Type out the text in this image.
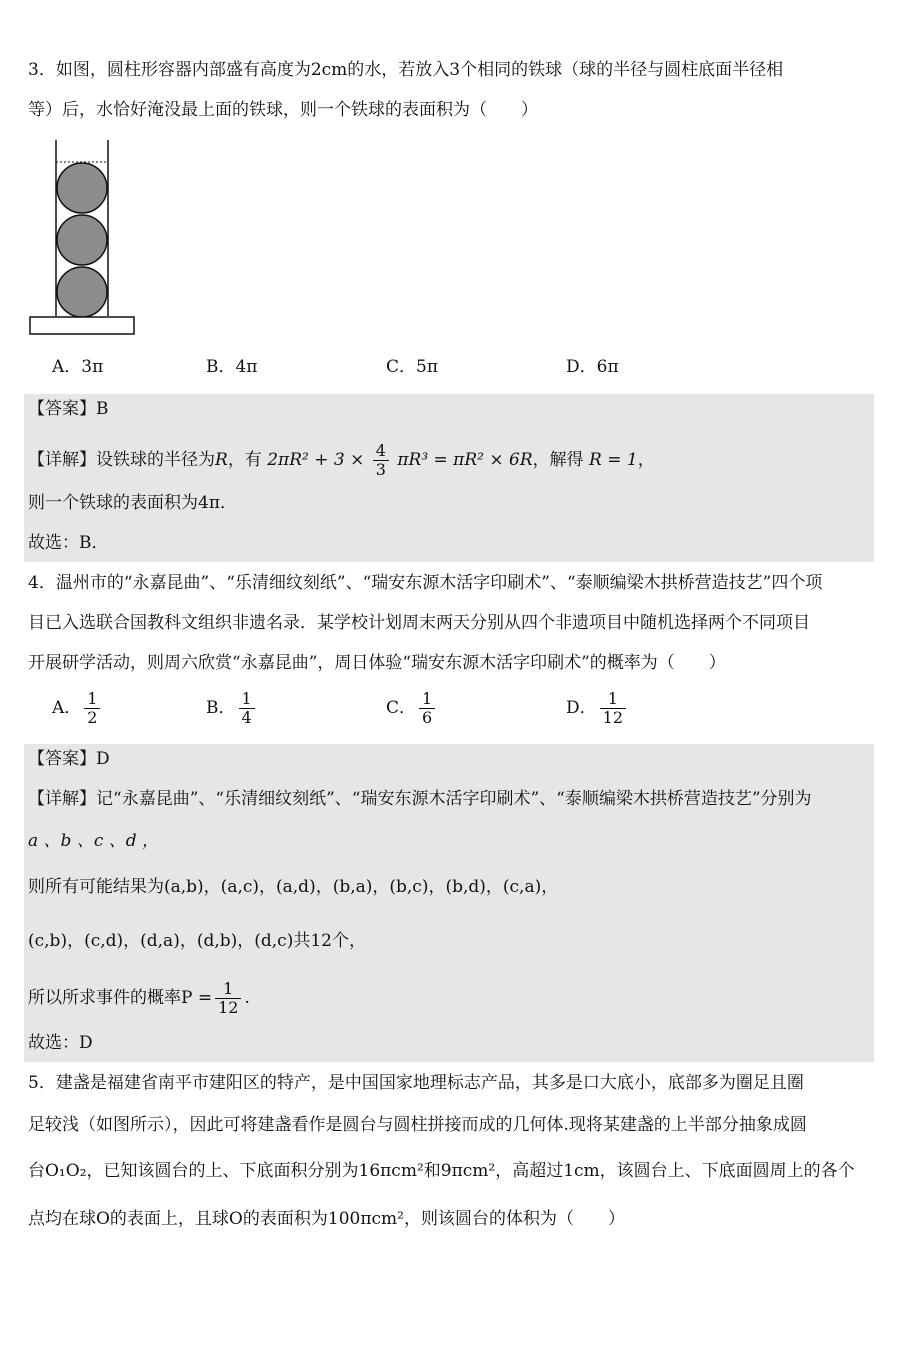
3．如图，圆柱形容器内部盛有高度为2cm的水，若放入3个相同的铁球（球的半径与圆柱底面半径相
等）后，水恰好淹没最上面的铁球，则一个铁球的表面积为（　　）
A．3π	B．4π	C．5π	D．6π
【答案】B
【详解】设铁球的半径为R，有 $2\pi R^2 + 3 \times \frac{4}{3} \pi R^3 = \pi R^2 \times 6R$，解得 R = 1，
则一个铁球的表面积为4π．
故选：B．
4．温州市的“永嘉昆曲”、“乐清细纹刻纸”、“瑞安东源木活字印刷术”、“泰顺编梁木拱桥营造技艺”四个项
目已入选联合国教科文组织非遗名录．某学校计划周末两天分别从四个非遗项目中随机选择两个不同项目
开展研学活动，则周六欣赏“永嘉昆曲”，周日体验“瑞安东源木活字印刷术”的概率为（　　）
A． $\frac{1}{2}$	B． $\frac{1}{4}$	C． $\frac{1}{6}$	D． $\frac{1}{12}$
【答案】D
【详解】记“永嘉昆曲”、“乐清细纹刻纸”、“瑞安东源木活字印刷术”、“泰顺编梁木拱桥营造技艺”分别为
a 、b 、c 、d ，
则所有可能结果为(a,b)，(a,c)，(a,d)，(b,a)，(b,c)，(b,d)，(c,a)，
(c,b)，(c,d)，(d,a)，(d,b)，(d,c)共12个，
所以所求事件的概率$P = \frac{1}{12}$ .
故选：D
5．建盏是福建省南平市建阳区的特产，是中国国家地理标志产品，其多是口大底小，底部多为圈足且圈
足较浅（如图所示），因此可将建盏看作是圆台与圆柱拼接而成的几何体.现将某建盏的上半部分抽象成圆
台O₁O₂，已知该圆台的上、下底面积分别为16πcm²和9πcm²，高超过1cm，该圆台上、下底面圆周上的各个
点均在球O的表面上，且球O的表面积为100πcm²，则该圆台的体积为（　　）
